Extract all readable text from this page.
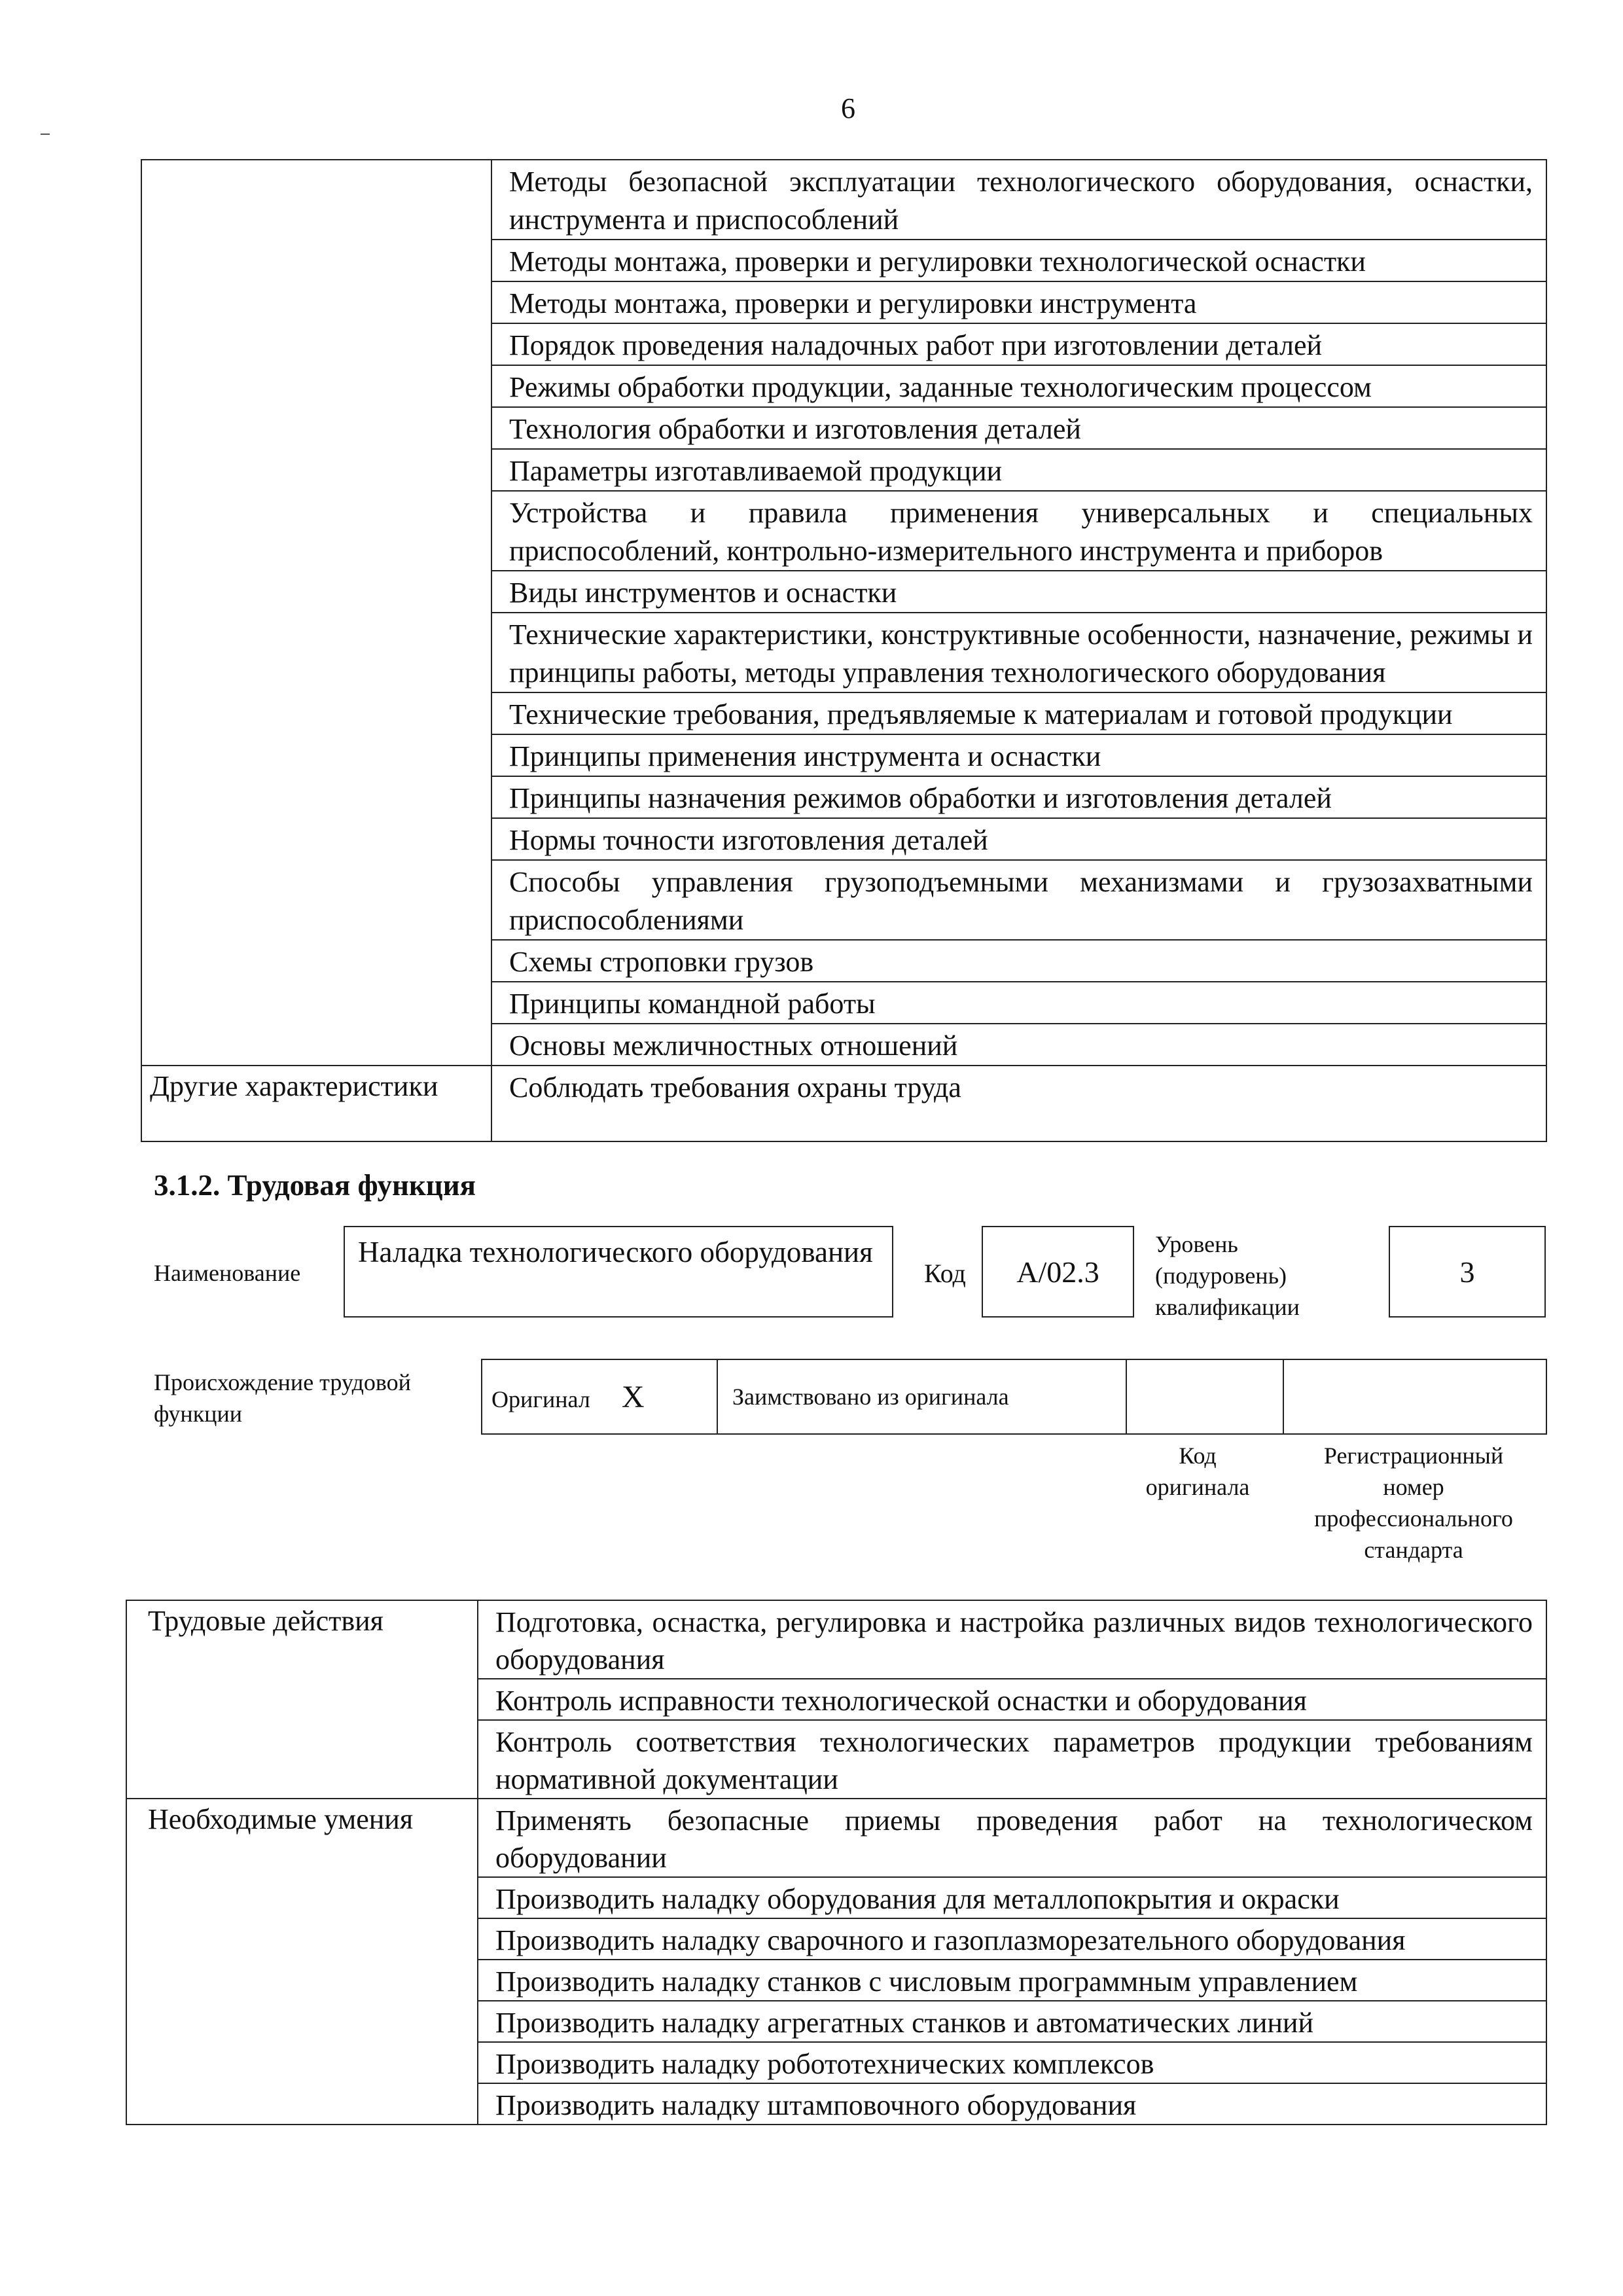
6
	Методы безопасной эксплуатации технологического оборудования, оснастки, инструмента и приспособлений
	Методы монтажа, проверки и регулировки технологической оснастки
	Методы монтажа, проверки и регулировки инструмента
	Порядок проведения наладочных работ при изготовлении деталей
	Режимы обработки продукции, заданные технологическим процессом
	Технология обработки и изготовления деталей
	Параметры изготавливаемой продукции
	Устройства и правила применения универсальных и специальных приспособлений, контрольно-измерительного инструмента и приборов
	Виды инструментов и оснастки
	Технические характеристики, конструктивные особенности, назначение, режимы и принципы работы, методы управления технологического оборудования
	Технические требования, предъявляемые к материалам и готовой продукции
	Принципы применения инструмента и оснастки
	Принципы назначения режимов обработки и изготовления деталей
	Нормы точности изготовления деталей
	Способы управления грузоподъемными механизмами и грузозахватными приспособлениями
	Схемы строповки грузов
	Принципы командной работы
	Основы межличностных отношений
Другие характеристики	Соблюдать требования охраны труда
3.1.2. Трудовая функция
Наименование
Наладка технологического оборудования
Код	A/02.3
Уровень
(подуровень)
квалификации
3
Происхождение трудовой
функции
Оригинал X	Заимствовано из оригинала		
Код
оригинала
Регистрационный
номер
профессионального
стандарта
Трудовые действия	Подготовка, оснастка, регулировка и настройка различных видов технологического оборудования
	Контроль исправности технологической оснастки и оборудования
	Контроль соответствия технологических параметров продукции требованиям нормативной документации
Необходимые умения	Применять безопасные приемы проведения работ на технологическом оборудовании
	Производить наладку оборудования для металлопокрытия и окраски
	Производить наладку сварочного и газоплазморезательного оборудования
	Производить наладку станков с числовым программным управлением
	Производить наладку агрегатных станков и автоматических линий
	Производить наладку робототехнических комплексов
	Производить наладку штамповочного оборудования
